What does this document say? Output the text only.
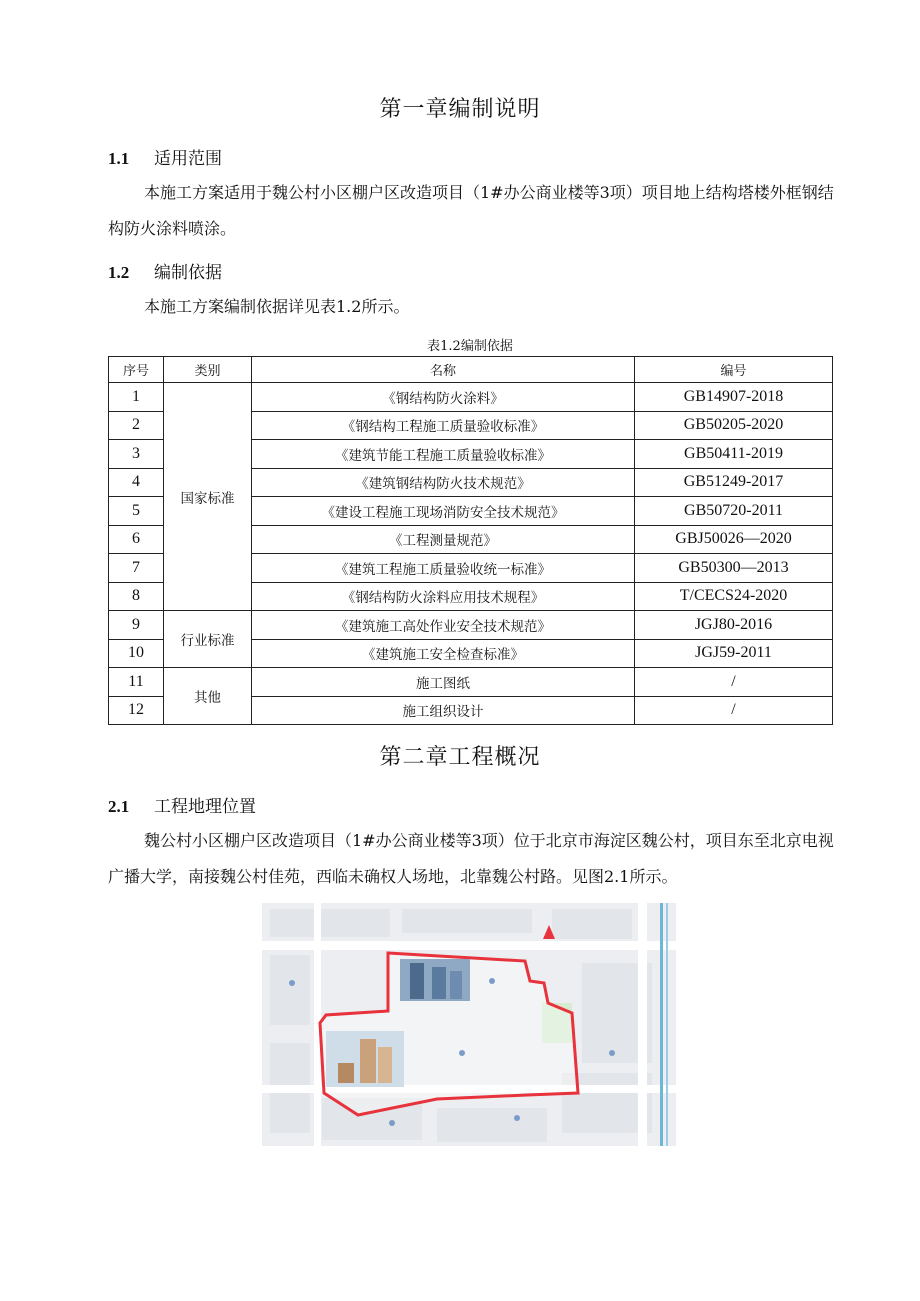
第一章编制说明
1.1 适用范围

本施工方案适用于魏公村小区棚户区改造项目（1#办公商业楼等3项）项目地上结构塔楼外框钢结构防火涂料喷涂。

1.2 编制依据

本施工方案编制依据详见表1.2所示。

表1.2编制依据

序号	类别	名称	编号
1	国家标准	《钢结构防火涂料》	GB14907-2018
2		《钢结构工程施工质量验收标准》	GB50205-2020
3		《建筑节能工程施工质量验收标准》	GB50411-2019
4		《建筑钢结构防火技术规范》	GB51249-2017
5		《建设工程施工现场消防安全技术规范》	GB50720-2011
6		《工程测量规范》	GBJ50026—2020
7		《建筑工程施工质量验收统一标准》	GB50300—2013
8		《钢结构防火涂料应用技术规程》	T/CECS24-2020
9	行业标准	《建筑施工高处作业安全技术规范》	JGJ80-2016
10		《建筑施工安全检查标准》	JGJ59-2011
11	其他	施工图纸	/
12		施工组织设计	/
第二章工程概况
2.1 工程地理位置

魏公村小区棚户区改造项目（1#办公商业楼等3项）位于北京市海淀区魏公村，项目东至北京电视广播大学，南接魏公村佳苑，西临未确权人场地，北靠魏公村路。见图2.1所示。
